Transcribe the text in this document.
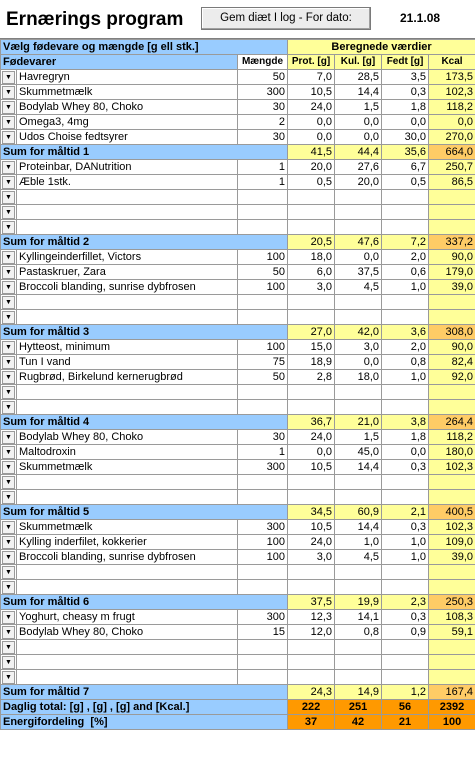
Ernærings program	Gem diæt I log - For dato:	21.1.08
Vælg fødevare og mængde [g ell stk.]			Beregnede værdier			
Fødevarer		Mængde	Prot. [g]	Kul. [g]	Fedt [g]	Kcal

▼	Havregryn	50	7,0	28,5	3,5	173,5

▼	Skummetmælk	300	10,5	14,4	0,3	102,3

▼	Bodylab Whey 80, Choko	30	24,0	1,5	1,8	118,2

▼	Omega3, 4mg	2	0,0	0,0	0,0	0,0

▼	Udos Choise fedtsyrer	30	0,0	0,0	30,0	270,0
Sum for måltid 1			41,5	44,4	35,6	664,0

▼	Proteinbar, DANutrition	1	20,0	27,6	6,7	250,7

▼	Æble 1stk.	1	0,5	20,0	0,5	86,5

▼						

▼						

▼						

Sum for måltid 2			20,5	47,6	7,2	337,2

▼	Kyllingeinderfillet, Victors	100	18,0	0,0	2,0	90,0

▼	Pastaskruer, Zara	50	6,0	37,5	0,6	179,0

▼	Broccoli blanding, sunrise dybfrosen	100	3,0	4,5	1,0	39,0

▼						

▼						

Sum for måltid 3			27,0	42,0	3,6	308,0

▼	Hytteost, minimum	100	15,0	3,0	2,0	90,0

▼	Tun I vand	75	18,9	0,0	0,8	82,4

▼	Rugbrød, Birkelund kernerugbrød	50	2,8	18,0	1,0	92,0

▼						

▼						

Sum for måltid 4			36,7	21,0	3,8	264,4

▼	Bodylab Whey 80, Choko	30	24,0	1,5	1,8	118,2

▼	Maltodroxin	1	0,0	45,0	0,0	180,0

▼	Skummetmælk	300	10,5	14,4	0,3	102,3

▼						

▼						

Sum for måltid 5			34,5	60,9	2,1	400,5

▼	Skummetmælk	300	10,5	14,4	0,3	102,3

▼	Kylling inderfilet, kokkerier	100	24,0	1,0	1,0	109,0

▼	Broccoli blanding, sunrise dybfrosen	100	3,0	4,5	1,0	39,0

▼						

▼						

Sum for måltid 6			37,5	19,9	2,3	250,3

▼	Yoghurt, cheasy m frugt	300	12,3	14,1	0,3	108,3

▼	Bodylab Whey 80, Choko	15	12,0	0,8	0,9	59,1

▼						

▼						

▼						

Sum for måltid 7			24,3	14,9	1,2	167,4
Daglig total: [g] , [g] , [g] and [Kcal.]			222	251	56	2392
Energifordeling [%]			37	42	21	100
